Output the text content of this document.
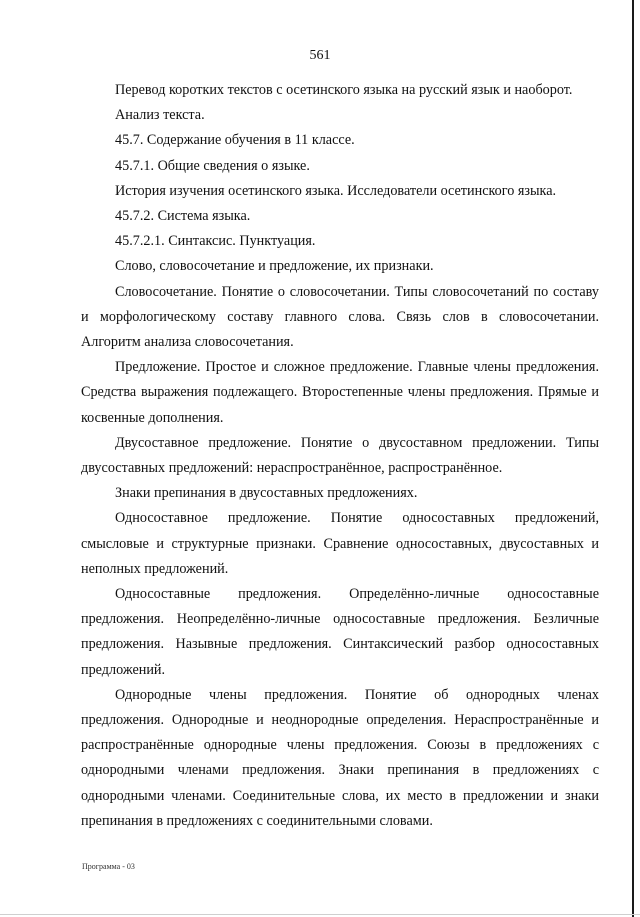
561

Перевод коротких текстов с осетинского языка на русский язык и наоборот.

Анализ текста.

45.7. Содержание обучения в 11 классе.

45.7.1. Общие сведения о языке.

История изучения осетинского языка. Исследователи осетинского языка.

45.7.2. Система языка.

45.7.2.1. Синтаксис. Пунктуация.

Слово, словосочетание и предложение, их признаки.

Словосочетание. Понятие о словосочетании. Типы словосочетаний по составу и морфологическому составу главного слова. Связь слов в словосочетании. Алгоритм анализа словосочетания.

Предложение. Простое и сложное предложение. Главные члены предложения. Средства выражения подлежащего. Второстепенные члены предложения. Прямые и косвенные дополнения.

Двусоставное предложение. Понятие о двусоставном предложении. Типы двусоставных предложений: нераспространённое, распространённое.

Знаки препинания в двусоставных предложениях.

Односоставное предложение. Понятие односоставных предложений, смысловые и структурные признаки. Сравнение односоставных, двусоставных и неполных предложений.

Односоставные предложения. Определённо-личные односоставные предложения. Неопределённо-личные односоставные предложения. Безличные предложения. Назывные предложения. Синтаксический разбор односоставных предложений.

Однородные члены предложения. Понятие об однородных членах предложения. Однородные и неоднородные определения. Нераспространённые и распространённые однородные члены предложения. Союзы в предложениях с однородными членами предложения. Знаки препинания в предложениях с однородными членами. Соединительные слова, их место в предложении и знаки препинания в предложениях с соединительными словами.

Программа - 03
